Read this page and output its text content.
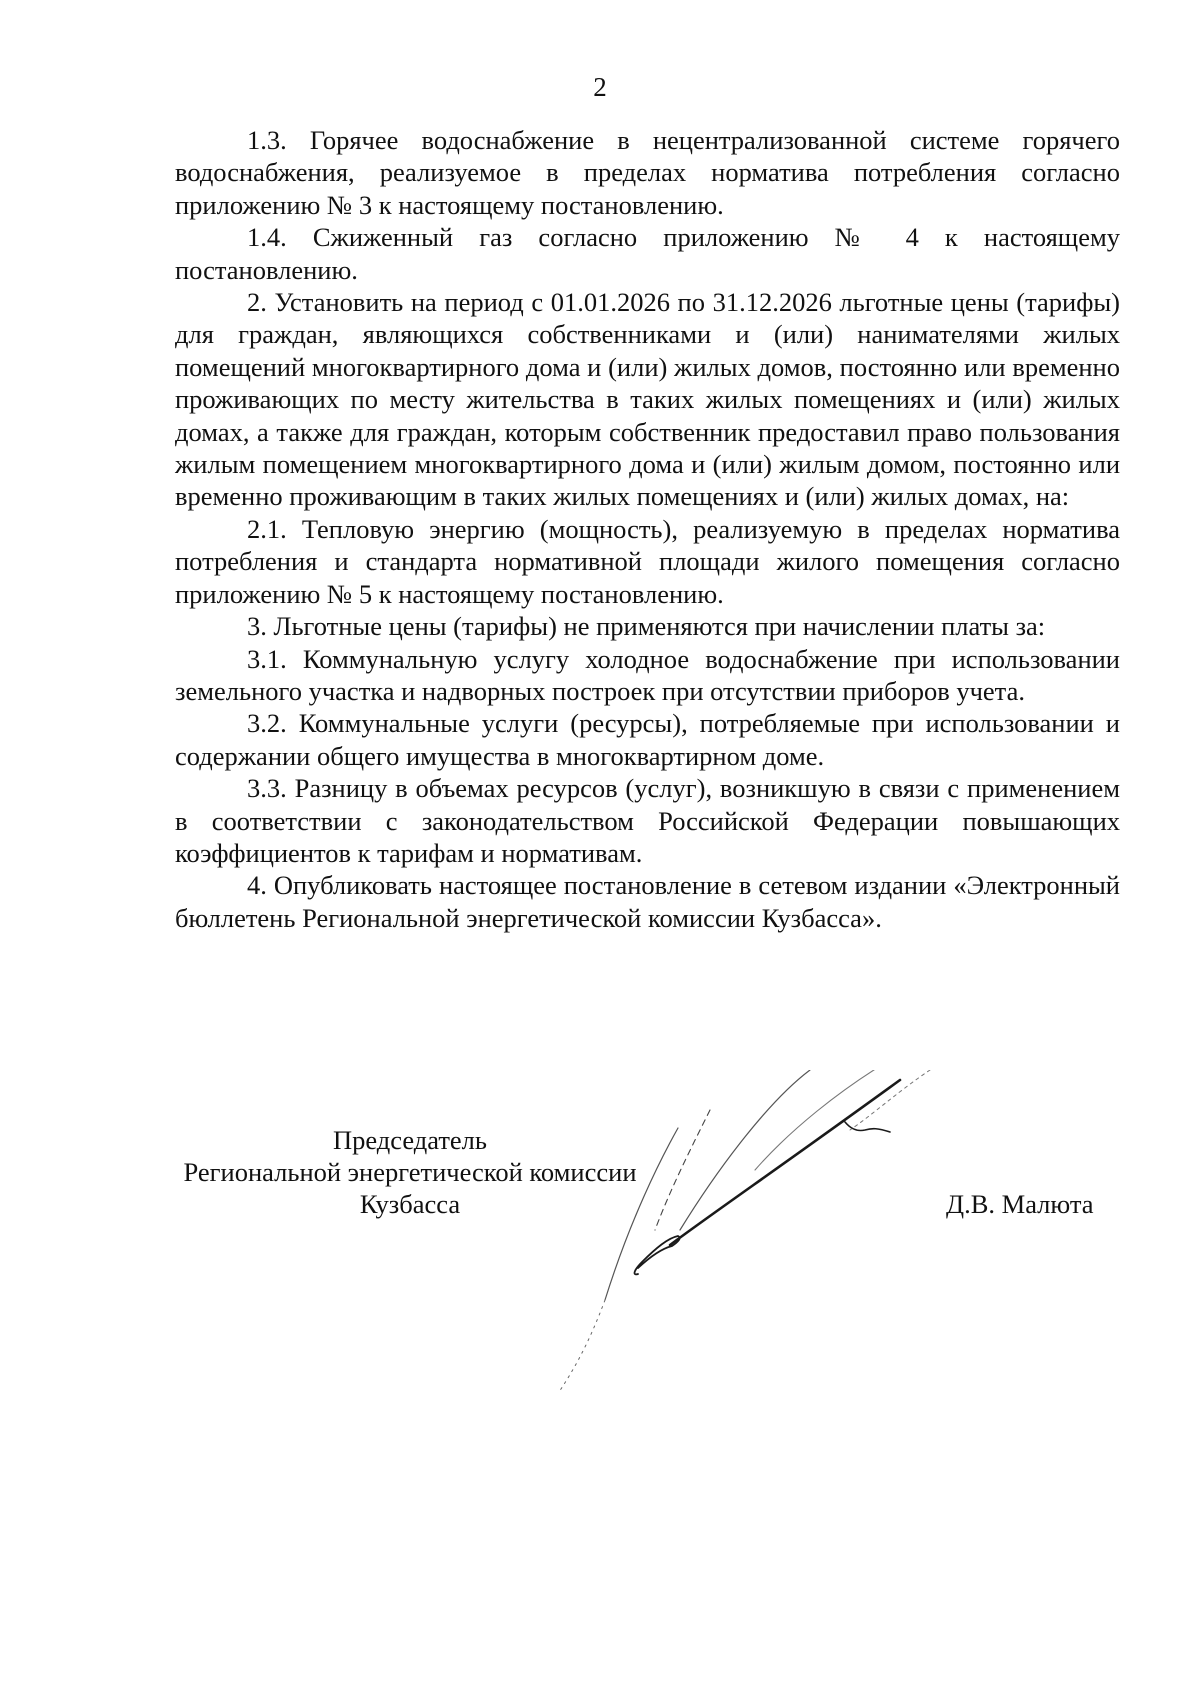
2

1.3. Горячее водоснабжение в нецентрализованной системе горячего водоснабжения, реализуемое в пределах норматива потребления согласно приложению № 3 к настоящему постановлению.

1.4. Сжиженный газ согласно приложению № 4 к настоящему постановлению.

2. Установить на период с 01.01.2026 по 31.12.2026 льготные цены (тарифы) для граждан, являющихся собственниками и (или) нанимателями жилых помещений многоквартирного дома и (или) жилых домов, постоянно или временно проживающих по месту жительства в таких жилых помещениях и (или) жилых домах, а также для граждан, которым собственник предоставил право пользования жилым помещением многоквартирного дома и (или) жилым домом, постоянно или временно проживающим в таких жилых помещениях и (или) жилых домах, на:

2.1. Тепловую энергию (мощность), реализуемую в пределах норматива потребления и стандарта нормативной площади жилого помещения согласно приложению № 5 к настоящему постановлению.

3. Льготные цены (тарифы) не применяются при начислении платы за:

3.1. Коммунальную услугу холодное водоснабжение при использовании земельного участка и надворных построек при отсутствии приборов учета.

3.2. Коммунальные услуги (ресурсы), потребляемые при использовании и содержании общего имущества в многоквартирном доме.

3.3. Разницу в объемах ресурсов (услуг), возникшую в связи с применением в соответствии с законодательством Российской Федерации повышающих коэффициентов к тарифам и нормативам.

4. Опубликовать настоящее постановление в сетевом издании «Электронный бюллетень Региональной энергетической комиссии Кузбасса».

Председатель
Региональной энергетической комиссии
Кузбасса	Д.В. Малюта
